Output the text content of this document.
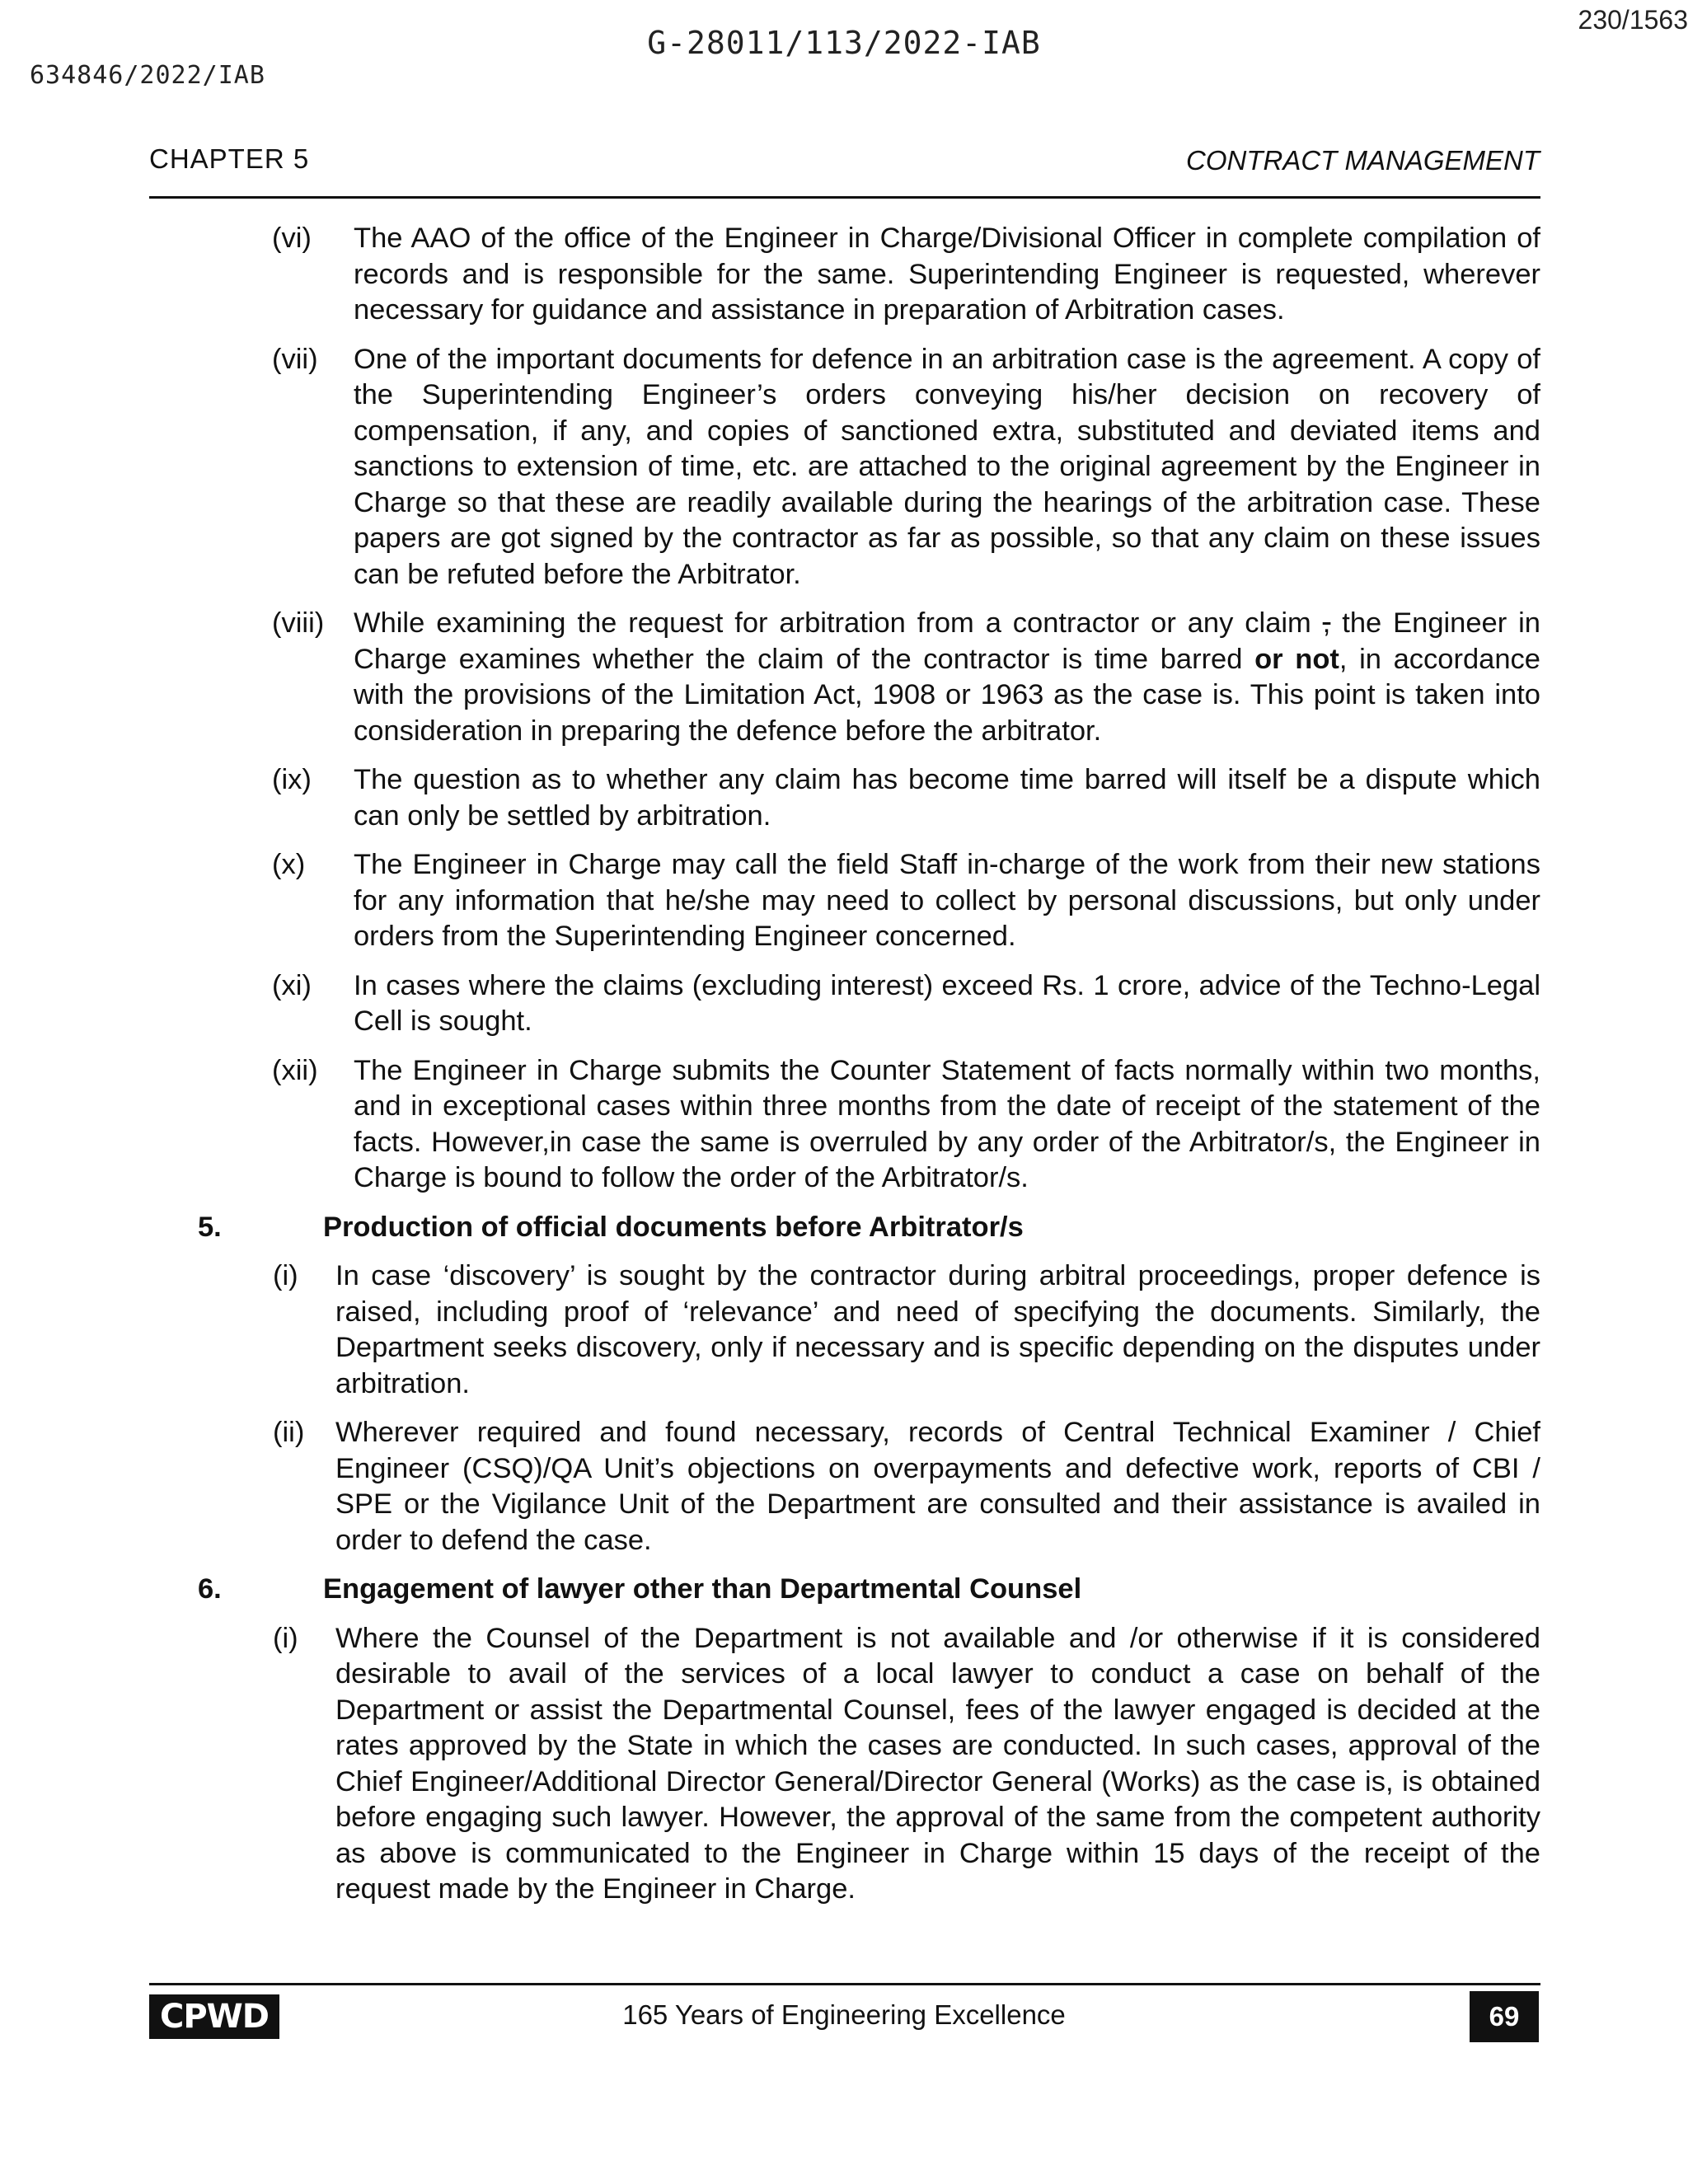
G-28011/113/2022-IAB
230/1563
634846/2022/IAB
CHAPTER 5	CONTRACT MANAGEMENT
(vi)	The AAO of the office of the Engineer in Charge/Divisional Officer in complete compilation of records and is responsible for the same. Superintending Engineer is requested, wherever necessary for guidance and assistance in preparation of Arbitration cases.
(vii)	One of the important documents for defence in an arbitration case is the agreement. A copy of the Superintending Engineer’s orders conveying his/her decision on recovery of compensation, if any, and copies of sanctioned extra, substituted and deviated items and sanctions to extension of time, etc. are attached to the original agreement by the Engineer in Charge so that these are readily available during the hearings of the arbitration case. These papers are got signed by the contractor as far as possible, so that any claim on these issues can be refuted before the Arbitrator.
(viii)	While examining the request for arbitration from a contractor or any claim , the Engineer in Charge examines whether the claim of the contractor is time barred or not, in accordance with the provisions of the Limitation Act, 1908 or 1963 as the case is. This point is taken into consideration in preparing the defence before the arbitrator.
(ix)	The question as to whether any claim has become time barred will itself be a dispute which can only be settled by arbitration.
(x)	The Engineer in Charge may call the field Staff in-charge of the work from their new stations for any information that he/she may need to collect by personal discussions, but only under orders from the Superintending Engineer concerned.
(xi)	In cases where the claims (excluding interest) exceed Rs. 1 crore, advice of the Techno-Legal Cell is sought.
(xii)	The Engineer in Charge submits the Counter Statement of facts normally within two months, and in exceptional cases within three months from the date of receipt of the statement of the facts. However,in case the same is overruled by any order of the Arbitrator/s, the Engineer in Charge is bound to follow the order of the Arbitrator/s.
5.	Production of official documents before Arbitrator/s
(i)	In case ‘discovery’ is sought by the contractor during arbitral proceedings, proper defence is raised, including proof of ‘relevance’ and need of specifying the documents. Similarly, the Department seeks discovery, only if necessary and is specific depending on the disputes under arbitration.
(ii)	Wherever required and found necessary, records of Central Technical Examiner / Chief Engineer (CSQ)/QA Unit’s objections on overpayments and defective work, reports of CBI / SPE or the Vigilance Unit of the Department are consulted and their assistance is availed in order to defend the case.
6.	Engagement of lawyer other than Departmental Counsel
(i)	Where the Counsel of the Department is not available and /or otherwise if it is considered desirable to avail of the services of a local lawyer to conduct a case on behalf of the Department or assist the Departmental Counsel, fees of the lawyer engaged is decided at the rates approved by the State in which the cases are conducted. In such cases, approval of the Chief Engineer/Additional Director General/Director General (Works) as the case is, is obtained before engaging such lawyer. However, the approval of the same from the competent authority as above is communicated to the Engineer in Charge within 15 days of the receipt of the request made by the Engineer in Charge.
CPWD	165 Years of Engineering Excellence	69
